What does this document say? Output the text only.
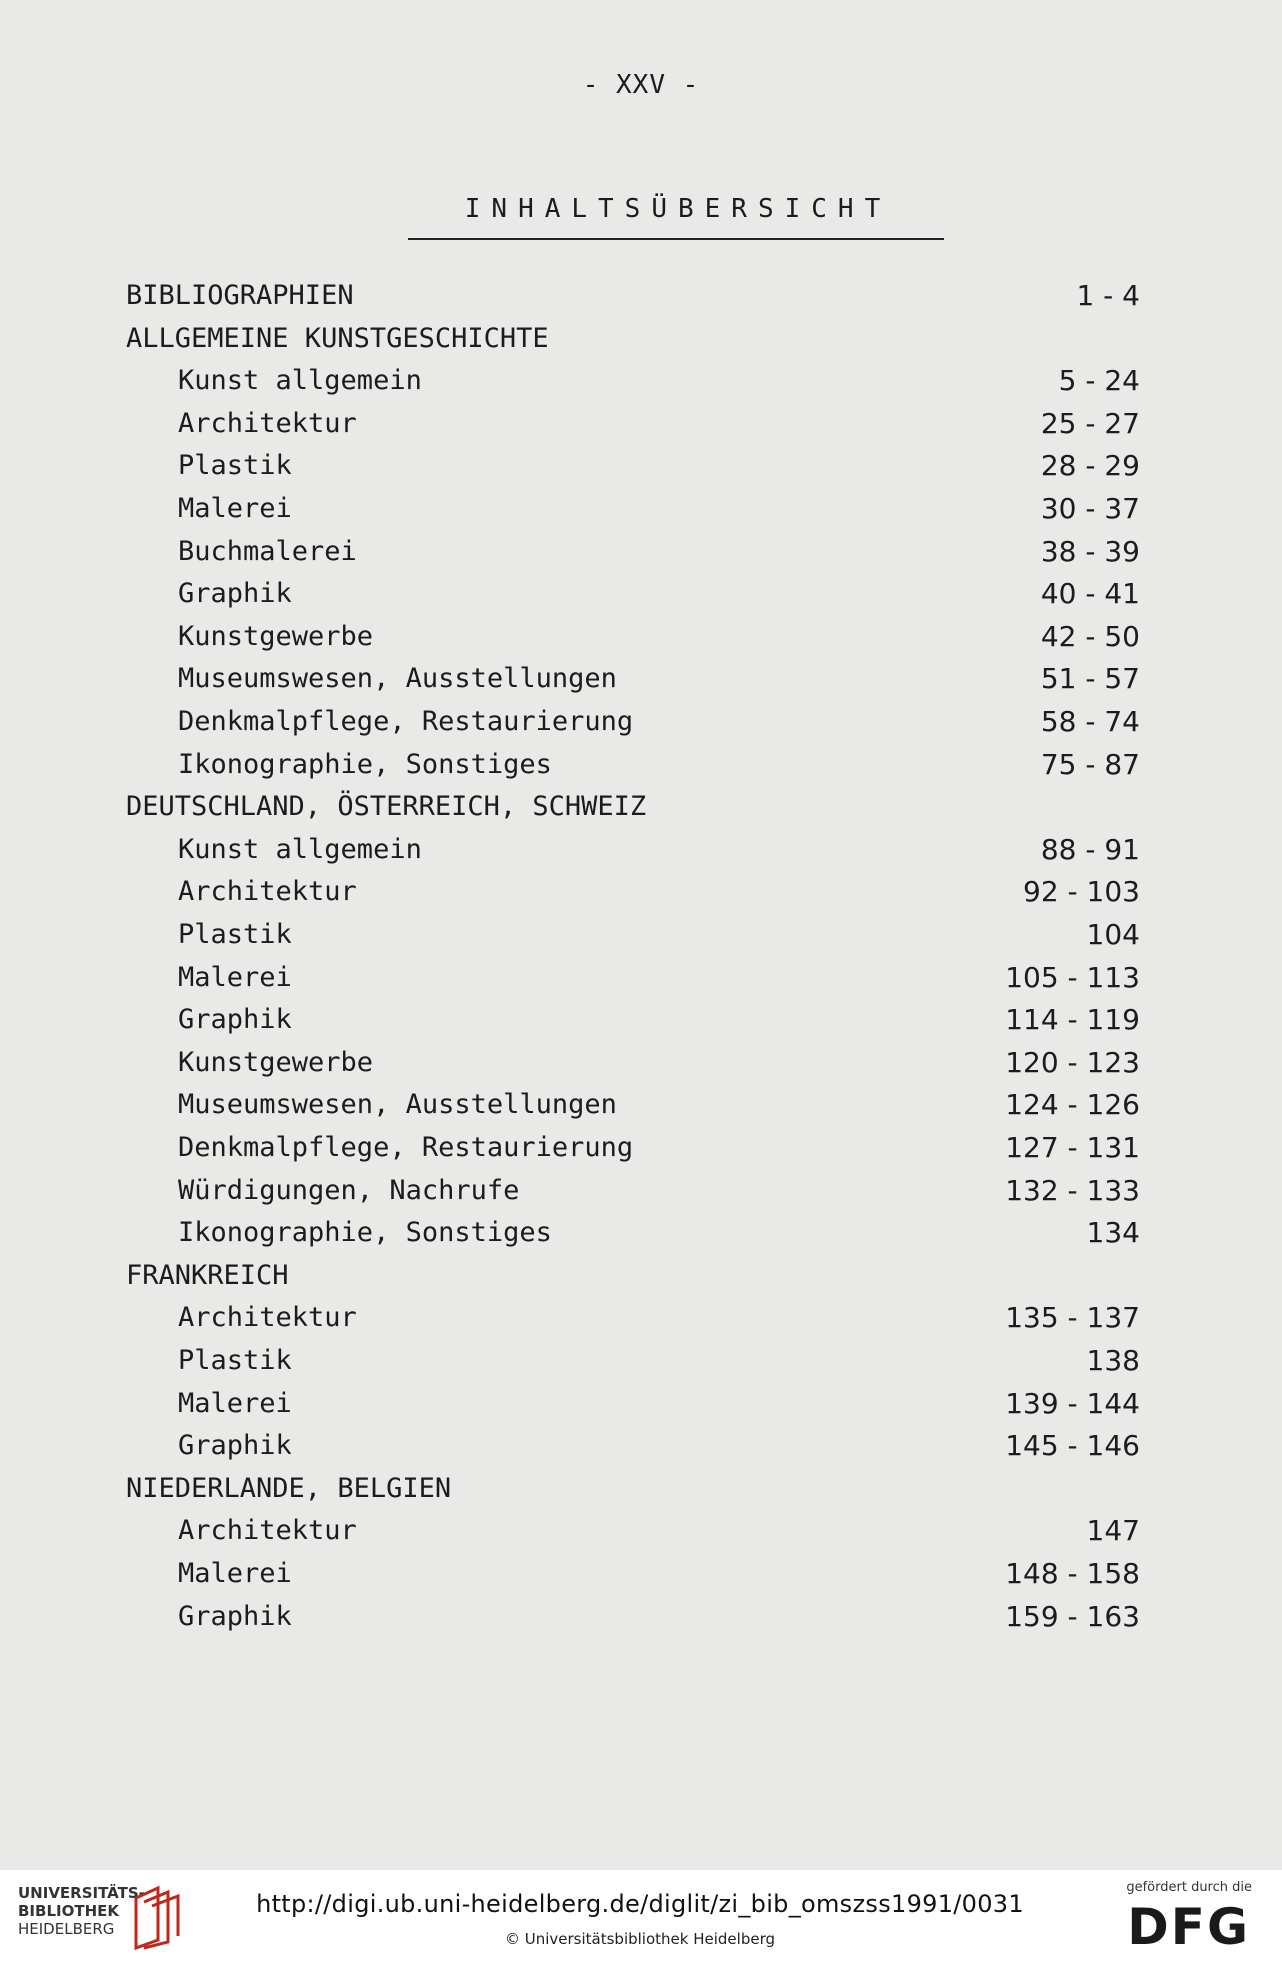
- XXV -
INHALTSÜBERSICHT
BIBLIOGRAPHIEN	1 - 4
ALLGEMEINE KUNSTGESCHICHTE
Kunst allgemein	5 - 24
Architektur	25 - 27
Plastik	28 - 29
Malerei	30 - 37
Buchmalerei	38 - 39
Graphik	40 - 41
Kunstgewerbe	42 - 50
Museumswesen, Ausstellungen	51 - 57
Denkmalpflege, Restaurierung	58 - 74
Ikonographie, Sonstiges	75 - 87
DEUTSCHLAND, ÖSTERREICH, SCHWEIZ
Kunst allgemein	88 - 91
Architektur	92 - 103
Plastik	104
Malerei	105 - 113
Graphik	114 - 119
Kunstgewerbe	120 - 123
Museumswesen, Ausstellungen	124 - 126
Denkmalpflege, Restaurierung	127 - 131
Würdigungen, Nachrufe	132 - 133
Ikonographie, Sonstiges	134
FRANKREICH
Architektur	135 - 137
Plastik	138
Malerei	139 - 144
Graphik	145 - 146
NIEDERLANDE, BELGIEN
Architektur	147
Malerei	148 - 158
Graphik	159 - 163
UNIVERSITÄTS-
BIBLIOTHEK
HEIDELBERG
http://digi.ub.uni-heidelberg.de/diglit/zi_bib_omszss1991/0031
© Universitätsbibliothek Heidelberg
gefördert durch die
DFG
